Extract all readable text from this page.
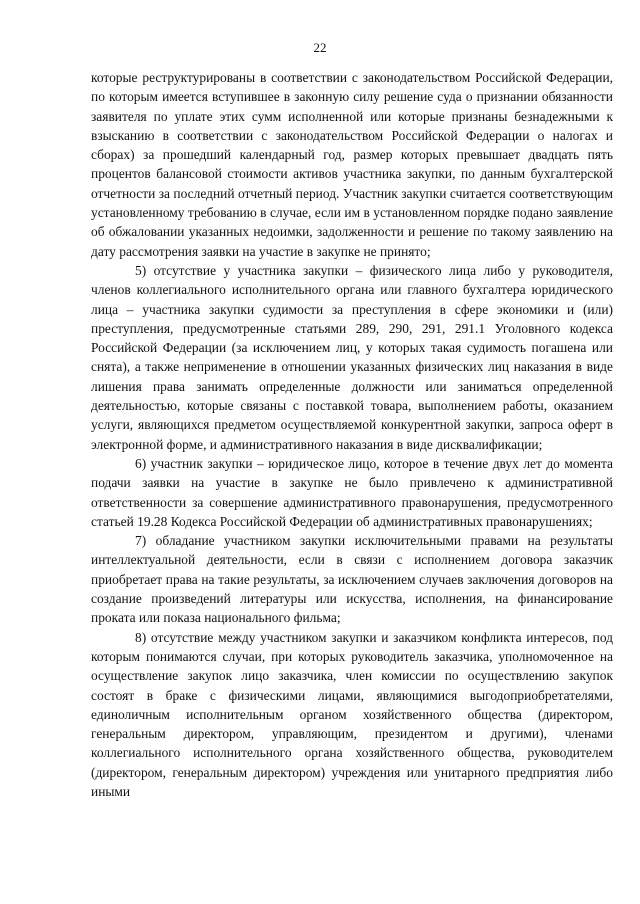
22

которые реструктурированы в соответствии с законодательством Российской Федерации, по которым имеется вступившее в законную силу решение суда о признании обязанности заявителя по уплате этих сумм исполненной или которые признаны безнадежными к взысканию в соответствии с законодательством Российской Федерации о налогах и сборах) за прошедший календарный год, размер которых превышает двадцать пять процентов балансовой стоимости активов участника закупки, по данным бухгалтерской отчетности за последний отчетный период. Участник закупки считается соответствующим установленному требованию в случае, если им в установленном порядке подано заявление об обжаловании указанных недоимки, задолженности и решение по такому заявлению на дату рассмотрения заявки на участие в закупке не принято;

5) отсутствие у участника закупки – физического лица либо у руководителя, членов коллегиального исполнительного органа или главного бухгалтера юридического лица – участника закупки судимости за преступления в сфере экономики и (или) преступления, предусмотренные статьями 289, 290, 291, 291.1 Уголовного кодекса Российской Федерации (за исключением лиц, у которых такая судимость погашена или снята), а также неприменение в отношении указанных физических лиц наказания в виде лишения права занимать определенные должности или заниматься определенной деятельностью, которые связаны с поставкой товара, выполнением работы, оказанием услуги, являющихся предметом осуществляемой конкурентной закупки, запроса оферт в электронной форме, и административного наказания в виде дисквалификации;

6) участник закупки – юридическое лицо, которое в течение двух лет до момента подачи заявки на участие в закупке не было привлечено к административной ответственности за совершение административного правонарушения, предусмотренного статьей 19.28 Кодекса Российской Федерации об административных правонарушениях;

7) обладание участником закупки исключительными правами на результаты интеллектуальной деятельности, если в связи с исполнением договора заказчик приобретает права на такие результаты, за исключением случаев заключения договоров на создание произведений литературы или искусства, исполнения, на финансирование проката или показа национального фильма;

8) отсутствие между участником закупки и заказчиком конфликта интересов, под которым понимаются случаи, при которых руководитель заказчика, уполномоченное на осуществление закупок лицо заказчика, член комиссии по осуществлению закупок состоят в браке с физическими лицами, являющимися выгодоприобретателями, единоличным исполнительным органом хозяйственного общества (директором, генеральным директором, управляющим, президентом и другими), членами коллегиального исполнительного органа хозяйственного общества, руководителем (директором, генеральным директором) учреждения или унитарного предприятия либо иными
